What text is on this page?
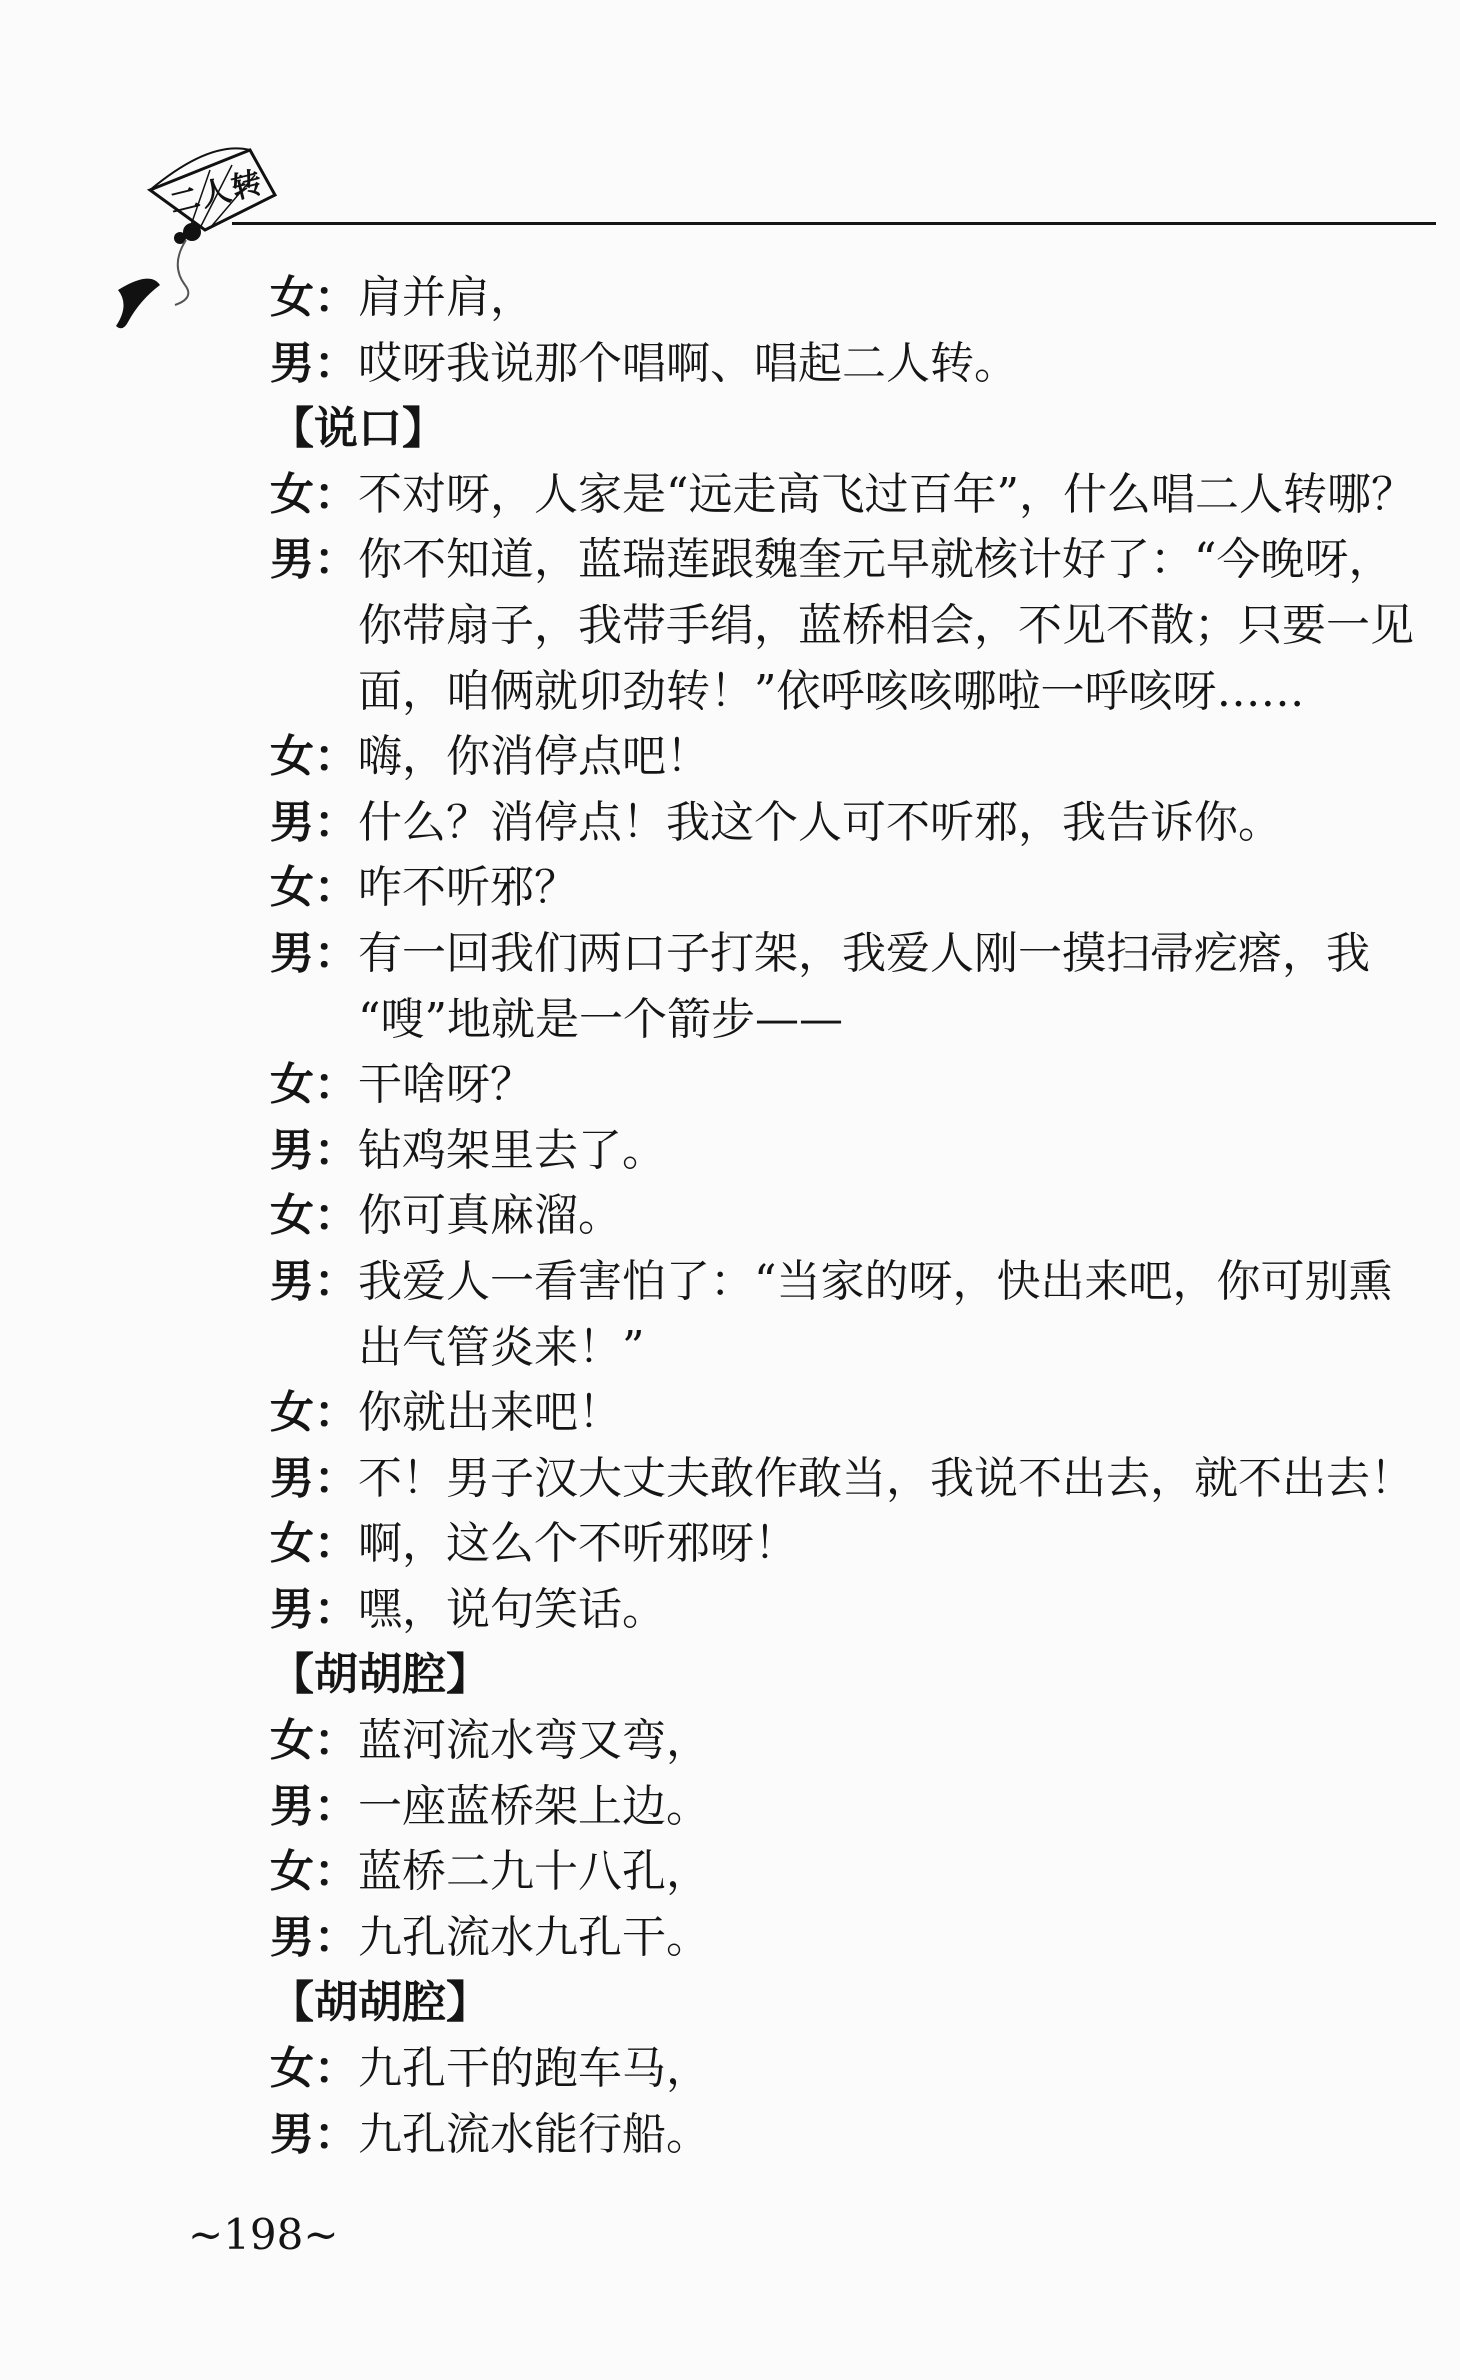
二人转
女： 肩并肩，
男： 哎呀我说那个唱啊、唱起二人转。
【说口】
女： 不对呀，人家是“远走高飞过百年”，什么唱二人转哪？
男： 你不知道，蓝瑞莲跟魏奎元早就核计好了：“今晚呀，
你带扇子，我带手绢，蓝桥相会，不见不散；只要一见
面，咱俩就卯劲转！”依呼咳咳哪啦一呼咳呀……
女： 嗨，你消停点吧！
男： 什么？消停点！我这个人可不听邪，我告诉你。
女： 咋不听邪？
男： 有一回我们两口子打架，我爱人刚一摸扫帚疙瘩，我
“嗖”地就是一个箭步——
女： 干啥呀？
男： 钻鸡架里去了。
女： 你可真麻溜。
男： 我爱人一看害怕了：“当家的呀，快出来吧，你可别熏
出气管炎来！”
女： 你就出来吧！
男： 不！男子汉大丈夫敢作敢当，我说不出去，就不出去！
女： 啊，这么个不听邪呀！
男： 嘿，说句笑话。
【胡胡腔】
女： 蓝河流水弯又弯，
男： 一座蓝桥架上边。
女： 蓝桥二九十八孔，
男： 九孔流水九孔干。
【胡胡腔】
女： 九孔干的跑车马，
男： 九孔流水能行船。
~198~
